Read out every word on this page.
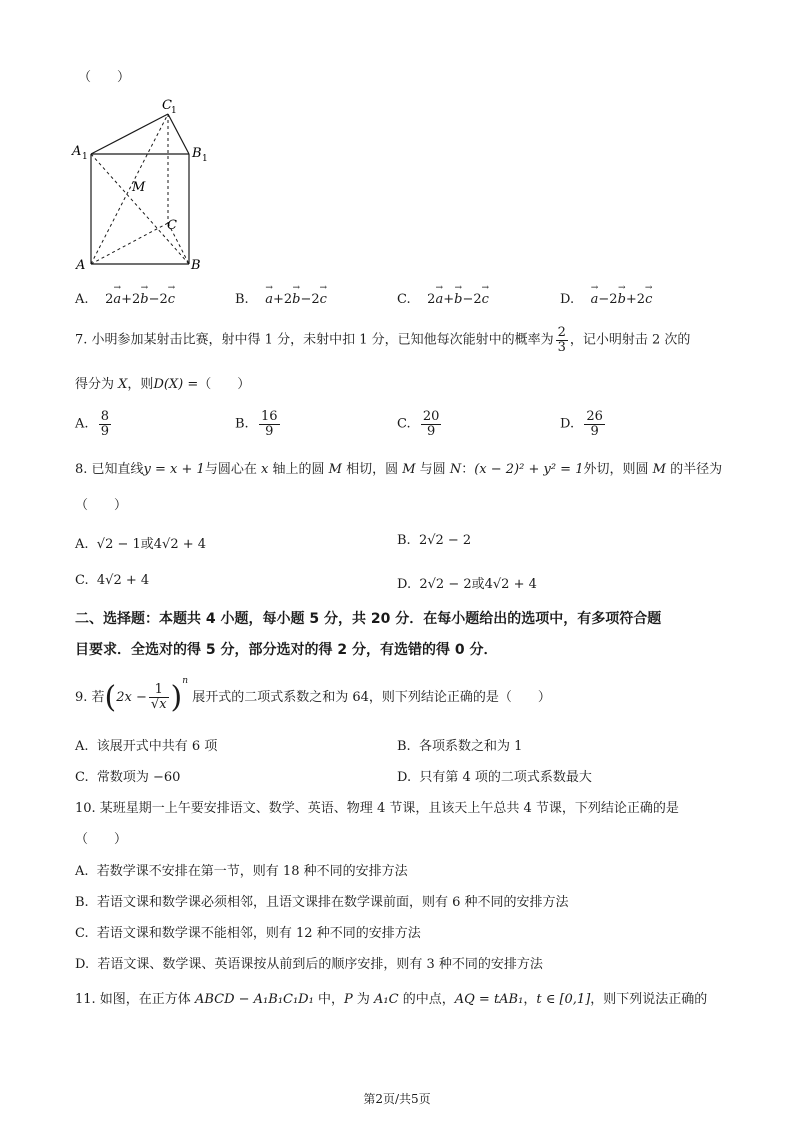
（　　）
C 1
A 1	B 1
M
C
A	B
A. 2→ a+2→ b−2→ c	B. → a+2→ b−2→ c	C. 2→ a+→ b−2→ c	D. → a−2→ b+2→ c
7. 小明参加某射击比赛，射中得 1 分，未射中扣 1 分，已知他每次能射中的概率为 $\frac{2}{3}$ ，记小明射击 2 次的
得分为 X，则D(X) =（　　）
A. $\frac{8}{9}$	B. $\frac{16}{9}$	C. $\frac{20}{9}$	D. $\frac{26}{9}$
8. 已知直线y = x + 1与圆心在 x 轴上的圆 M 相切，圆 M 与圆 N：(x − 2)² + y² = 1外切，则圆 M 的半径为
（　　）
A. √2 − 1或4√2 + 4	B. 2√2 − 2
C. 4√2 + 4	D. 2√2 − 2或4√2 + 4
二、选择题：本题共 4 小题，每小题 5 分，共 20 分．在每小题给出的选项中，有多项符合题
目要求．全选对的得 5 分，部分选对的得 2 分，有选错的得 0 分．
9. 若$(2x - \frac{1}{√x} )^n$ 展开式的二项式系数之和为 64，则下列结论正确的是（　　）
A. 该展开式中共有 6 项	B. 各项系数之和为 1
C. 常数项为 −60	D. 只有第 4 项的二项式系数最大
10. 某班星期一上午要安排语文、数学、英语、物理 4 节课，且该天上午总共 4 节课，下列结论正确的是
（　　）
A. 若数学课不安排在第一节，则有 18 种不同的安排方法
B. 若语文课和数学课必须相邻，且语文课排在数学课前面，则有 6 种不同的安排方法
C. 若语文课和数学课不能相邻，则有 12 种不同的安排方法
D. 若语文课、数学课、英语课按从前到后的顺序安排，则有 3 种不同的安排方法
11. 如图，在正方体 ABCD − A₁B₁C₁D₁ 中，P 为 A₁C 的中点，AQ = tAB₁，t ∈ [0,1]，则下列说法正确的
第2页/共5页
